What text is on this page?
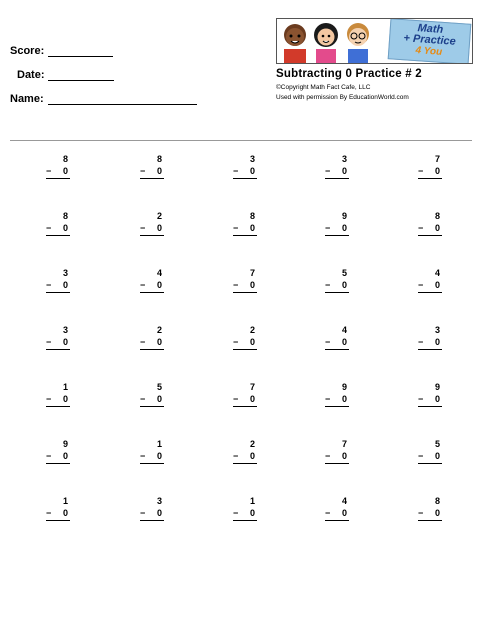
Score:
Date:
Name:
Math
+ Practice
4 You
Subtracting 0 Practice # 2
©Copyright Math Fact Cafe, LLC
Used with permission By EducationWorld.com
8
− 0
8
− 0
3
− 0
3
− 0
7
− 0
8
− 0
2
− 0
8
− 0
9
− 0
8
− 0
3
− 0
4
− 0
7
− 0
5
− 0
4
− 0
3
− 0
2
− 0
2
− 0
4
− 0
3
− 0
1
− 0
5
− 0
7
− 0
9
− 0
9
− 0
9
− 0
1
− 0
2
− 0
7
− 0
5
− 0
1
− 0
3
− 0
1
− 0
4
− 0
8
− 0
